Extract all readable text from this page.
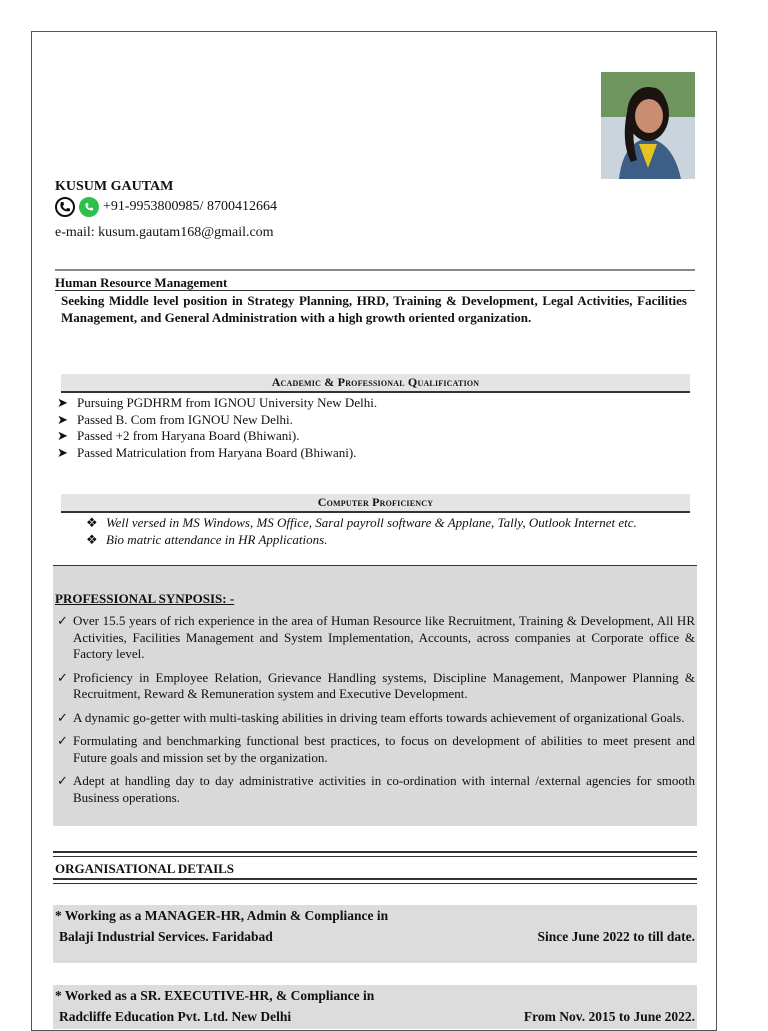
KUSUM GAUTAM
+91-9953800985/ 8700412664
e-mail: kusum.gautam168@gmail.com
Human Resource Management
Seeking Middle level position in Strategy Planning, HRD, Training & Development, Legal Activities, Facilities Management, and General Administration with a high growth oriented organization.
Academic & Professional Qualification
➤ Pursuing PGDHRM from IGNOU University New Delhi.
➤ Passed B. Com from IGNOU New Delhi.
➤ Passed +2 from Haryana Board (Bhiwani).
➤ Passed Matriculation from Haryana Board (Bhiwani).
Computer Proficiency
❖ Well versed in MS Windows, MS Office, Saral payroll software & Applane, Tally, Outlook Internet etc.
❖ Bio matric attendance in HR Applications.
PROFESSIONAL SYNPOSIS: -
✓ Over 15.5 years of rich experience in the area of Human Resource like Recruitment, Training & Development, All HR Activities, Facilities Management and System Implementation, Accounts, across companies at Corporate office & Factory level.
✓ Proficiency in Employee Relation, Grievance Handling systems, Discipline Management, Manpower Planning & Recruitment, Reward & Remuneration system and Executive Development.
✓ A dynamic go-getter with multi-tasking abilities in driving team efforts towards achievement of organizational Goals.
✓ Formulating and benchmarking functional best practices, to focus on development of abilities to meet present and Future goals and mission set by the organization.
✓ Adept at handling day to day administrative activities in co-ordination with internal /external agencies for smooth Business operations.
ORGANISATIONAL DETAILS
* Working as a MANAGER-HR, Admin & Compliance in
Balaji Industrial Services. Faridabad	Since June 2022 to till date.
* Worked as a SR. EXECUTIVE-HR, & Compliance in
Radcliffe Education Pvt. Ltd. New Delhi	From Nov. 2015 to June 2022.
